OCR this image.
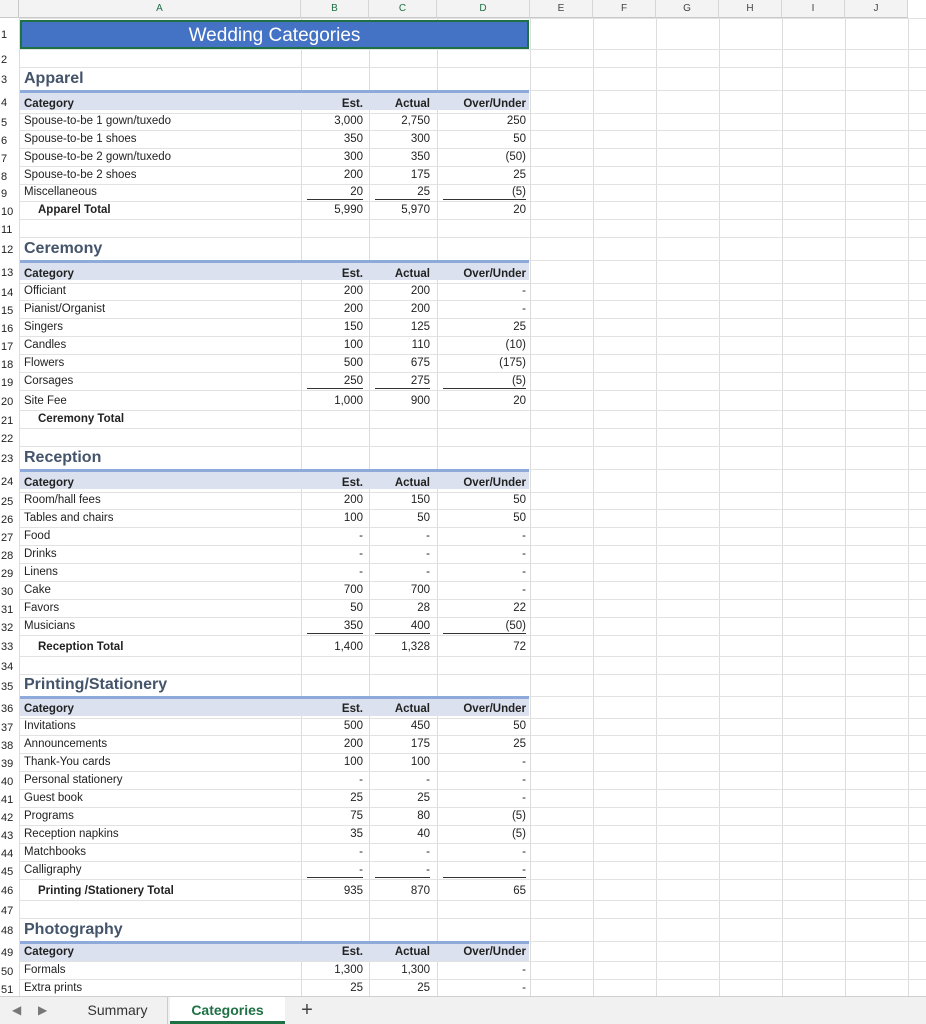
A	B	C	D	E	F	G	H	I	J
1
2
3
4
5
6
7
8
9
10
11
12
13
14
15
16
17
18
19
20
21
22
23
24
25
26
27
28
29
30
31
32
33
34
35
36
37
38
39
40
41
42
43
44
45
46
47
48
49
50
51
Wedding Categories
Apparel
Category	Est.	Actual	Over/Under
Spouse-to-be 1 gown/tuxedo	3,000	2,750	250
Spouse-to-be 1 shoes	350	300	50
Spouse-to-be 2 gown/tuxedo	300	350	(50)
Spouse-to-be 2 shoes	200	175	25
Miscellaneous	20	25	(5)
Apparel Total	5,990	5,970	20
Ceremony
Category	Est.	Actual	Over/Under
Officiant	200	200	-
Pianist/Organist	200	200	-
Singers	150	125	25
Candles	100	110	(10)
Flowers	500	675	(175)
Corsages	250	275	(5)
Site Fee	1,000	900	20
Ceremony Total
Reception
Category	Est.	Actual	Over/Under
Room/hall fees	200	150	50
Tables and chairs	100	50	50
Food	-	-	-
Drinks	-	-	-
Linens	-	-	-
Cake	700	700	-
Favors	50	28	22
Musicians	350	400	(50)
Reception Total	1,400	1,328	72
Printing/Stationery
Category	Est.	Actual	Over/Under
Invitations	500	450	50
Announcements	200	175	25
Thank-You cards	100	100	-
Personal stationery	-	-	-
Guest book	25	25	-
Programs	75	80	(5)
Reception napkins	35	40	(5)
Matchbooks	-	-	-
Calligraphy	-	-	-
Printing /Stationery Total	935	870	65
Photography
Category	Est.	Actual	Over/Under
Formals	1,300	1,300	-
Extra prints	25	25	-
◀ ▶	Summary	Categories	+
